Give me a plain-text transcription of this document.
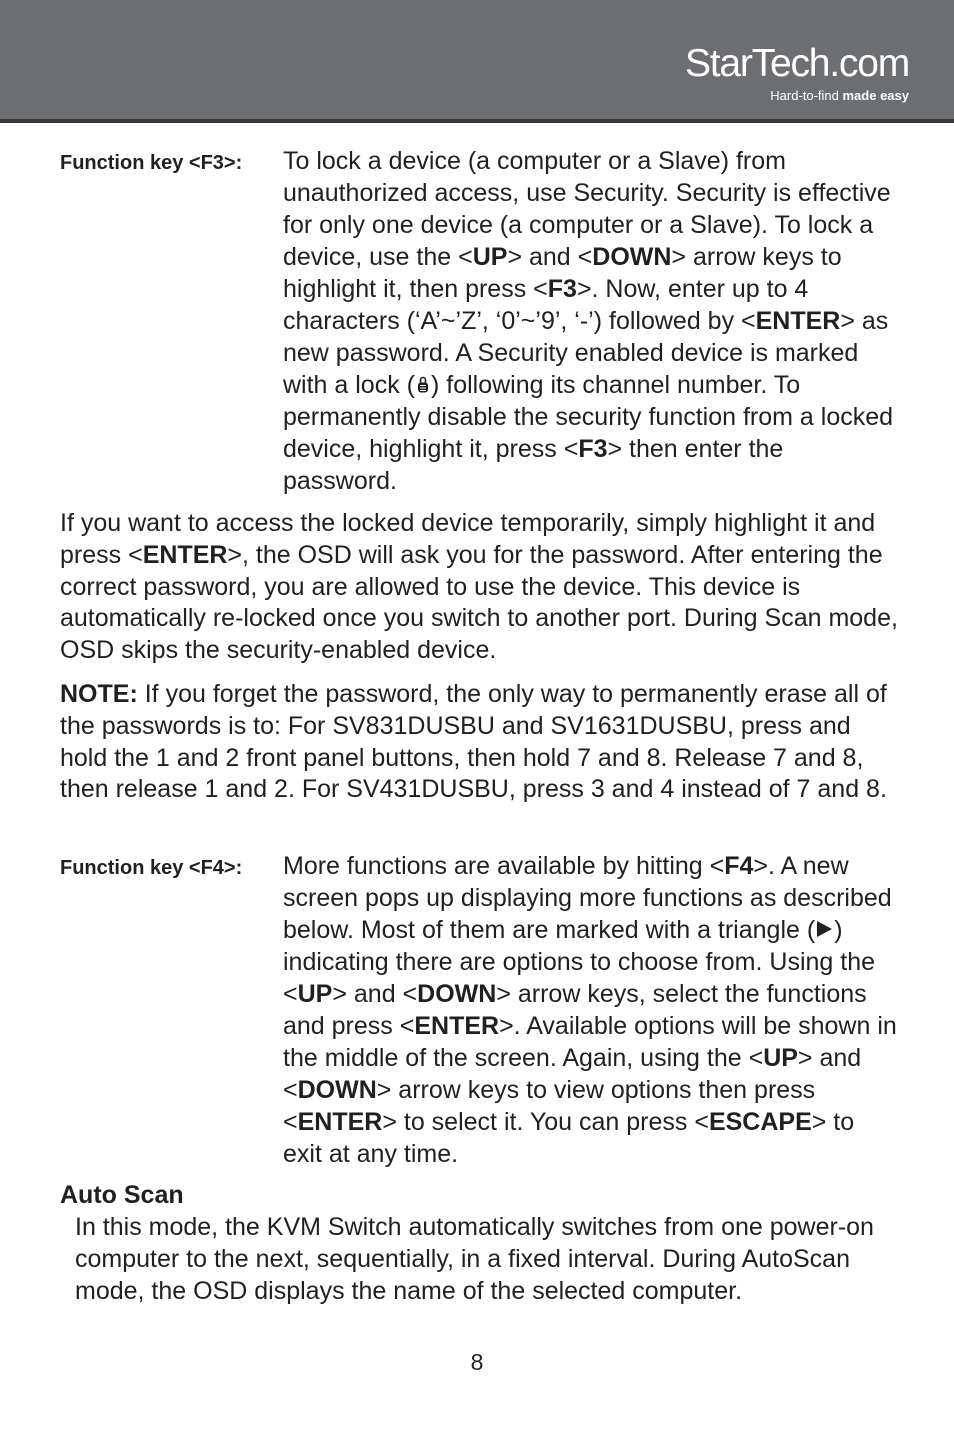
StarTech.com
Hard-to-find made easy
Function key <F3>: To lock a device (a computer or a Slave) from unauthorized access, use Security. Security is effective for only one device (a computer or a Slave). To lock a device, use the <UP> and <DOWN> arrow keys to highlight it, then press <F3>. Now, enter up to 4 characters (‘A’~’Z’, ‘0’~’9’, ‘-’) followed by <ENTER> as new password. A Security enabled device is marked with a lock ( ) following its channel number. To permanently disable the security function from a locked device, highlight it, press <F3> then enter the password.
If you want to access the locked device temporarily, simply highlight it and press <ENTER>, the OSD will ask you for the password. After entering the correct password, you are allowed to use the device. This device is automatically re-locked once you switch to another port. During Scan mode, OSD skips the security-enabled device.
NOTE: If you forget the password, the only way to permanently erase all of the passwords is to: For SV831DUSBU and SV1631DUSBU, press and hold the 1 and 2 front panel buttons, then hold 7 and 8. Release 7 and 8, then release 1 and 2. For SV431DUSBU, press 3 and 4 instead of 7 and 8.
Function key <F4>: More functions are available by hitting <F4>. A new screen pops up displaying more functions as described below. Most of them are marked with a triangle ( ) indicating there are options to choose from. Using the <UP> and <DOWN> arrow keys, select the functions and press <ENTER>. Available options will be shown in the middle of the screen. Again, using the <UP> and <DOWN> arrow keys to view options then press <ENTER> to select it. You can press <ESCAPE> to exit at any time.
Auto Scan
In this mode, the KVM Switch automatically switches from one power-on computer to the next, sequentially, in a fixed interval. During AutoScan mode, the OSD displays the name of the selected computer.
8
